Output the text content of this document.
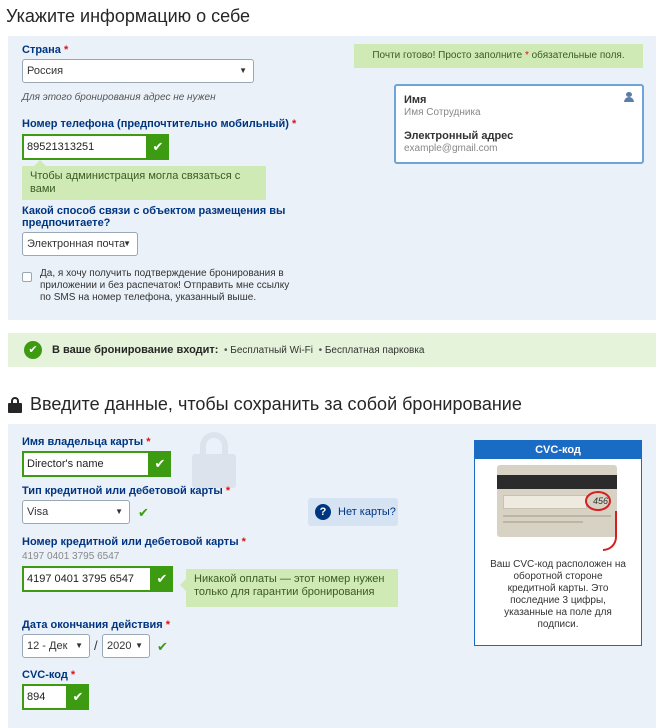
Укажите информацию о себе
Страна *
Россия	▼
Для этого бронирования адрес не нужен
Номер телефона (предпочтительно мобильный) *
89521313251	✔
Чтобы администрация могла связаться с вами
Какой способ связи с объектом размещения вы
предпочитаете?
Электронная почта
▼
Да, я хочу получить подтверждение бронирования в
приложении и без распечаток! Отправить мне ссылку
по SMS на номер телефона, указанный выше.
Почти готово! Просто заполните * обязательные поля.
Имя
Имя Сотрудника
Электронный адрес
example@gmail.com
✔	В ваше бронирование входит: • Бесплатный Wi-Fi • Бесплатная парковка
Введите данные, чтобы сохранить за собой бронирование
Имя владельца карты *
Director's name	✔
Тип кредитной или дебетовой карты *
Visa	▼ ✔	?	Нет карты?
Номер кредитной или дебетовой карты *
4197 0401 3795 6547
4197 0401 3795 6547	✔	Никакой оплаты — этот номер нужен
только для гарантии бронирования
Дата окончания действия *
12 - Дек ▼ / 2020 ▼ ✔
CVC-код *
894	✔
CVC-код
456
Ваш CVC-код расположен на
оборотной стороне
кредитной карты. Это
последние 3 цифры,
указанные на поле для
подписи.
